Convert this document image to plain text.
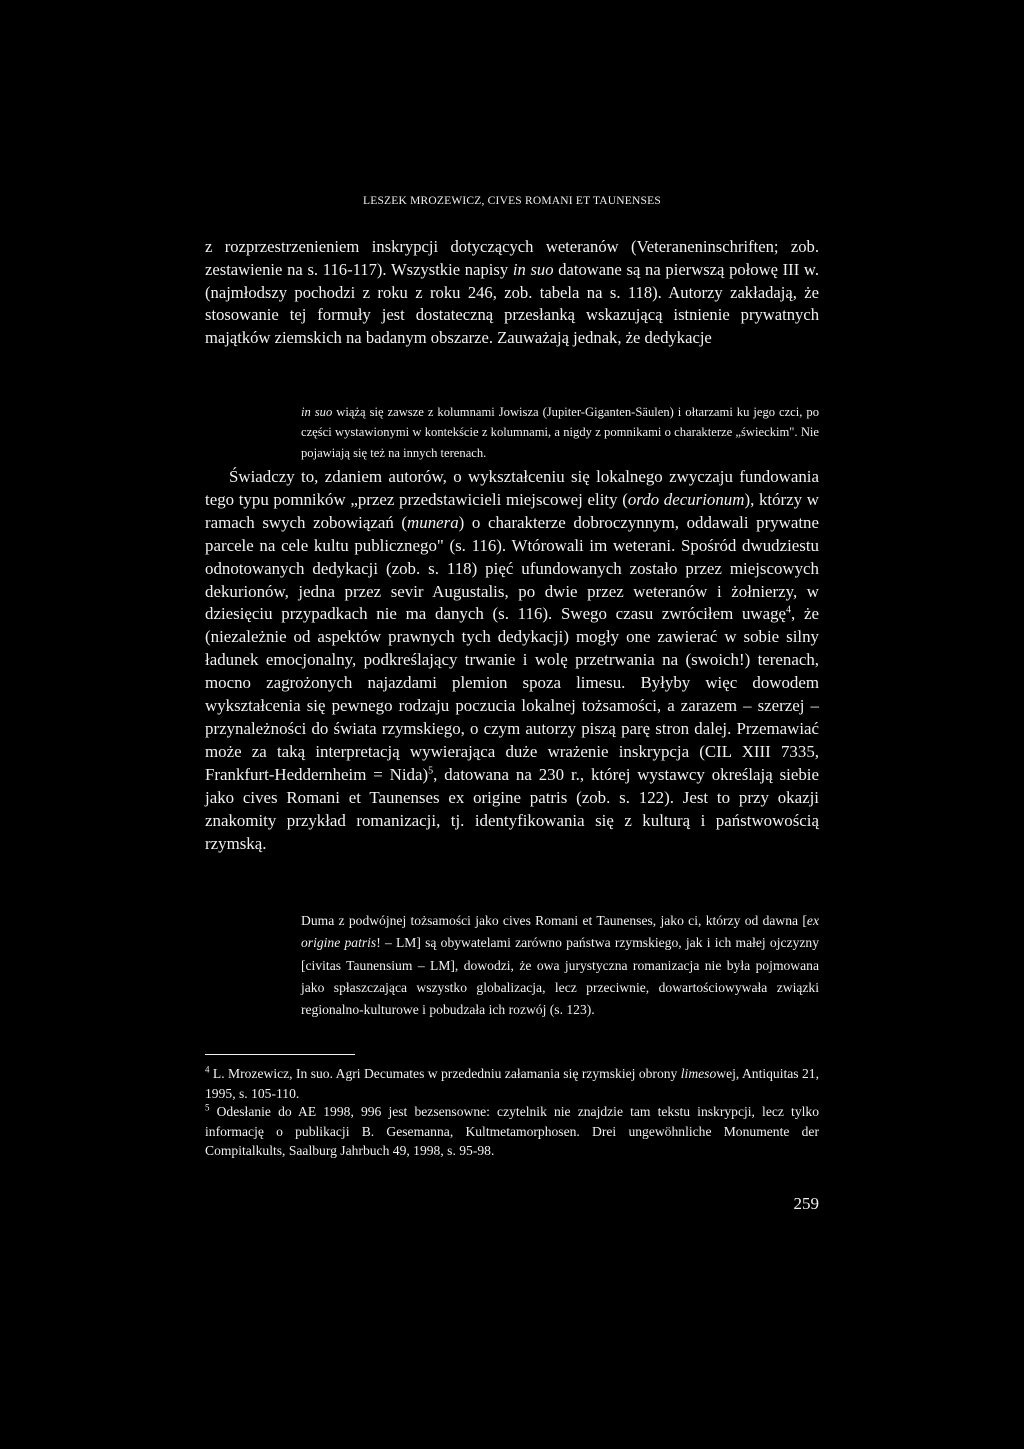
LESZEK MROZEWICZ, CIVES ROMANI ET TAUNENSES

z rozprzestrzenieniem inskrypcji dotyczących weteranów (Veteraneninschriften; zob. zestawienie na s. 116-117). Wszystkie napisy in suo datowane są na pierwszą połowę III w. (najmłodszy pochodzi z roku z roku 246, zob. tabela na s. 118). Autorzy zakładają, że stosowanie tej formuły jest dostateczną przesłanką wskazującą istnienie prywatnych majątków ziemskich na badanym obszarze. Zauważają jednak, że dedykacje

in suo wiążą się zawsze z kolumnami Jowisza (Jupiter-Giganten-Säulen) i ołtarzami ku jego czci, po części wystawionymi w kontekście z kolumnami, a nigdy z pomnikami o charakterze „świeckim". Nie pojawiają się też na innych terenach.

Świadczy to, zdaniem autorów, o wykształceniu się lokalnego zwyczaju fundowania tego typu pomników „przez przedstawicieli miejscowej elity (ordo decurionum), którzy w ramach swych zobowiązań (munera) o charakterze dobroczynnym, oddawali prywatne parcele na cele kultu publicznego" (s. 116). Wtórowali im weterani. Spośród dwudziestu odnotowanych dedykacji (zob. s. 118) pięć ufundowanych zostało przez miejscowych dekurionów, jedna przez sevir Augustalis, po dwie przez weteranów i żołnierzy, w dziesięciu przypadkach nie ma danych (s. 116). Swego czasu zwróciłem uwagę$^4$, że (niezależnie od aspektów prawnych tych dedykacji) mogły one zawierać w sobie silny ładunek emocjonalny, podkreślający trwanie i wolę przetrwania na (swoich!) terenach, mocno zagrożonych najazdami plemion spoza limesu. Byłyby więc dowodem wykształcenia się pewnego rodzaju poczucia lokalnej tożsamości, a zarazem – szerzej – przynależności do świata rzymskiego, o czym autorzy piszą parę stron dalej. Przemawiać może za taką interpretacją wywierająca duże wrażenie inskrypcja (CIL XIII 7335, Frankfurt-Heddernheim = Nida)$^5$, datowana na 230 r., której wystawcy określają siebie jako cives Romani et Taunenses ex origine patris (zob. s. 122). Jest to przy okazji znakomity przykład romanizacji, tj. identyfikowania się z kulturą i państwowością rzymską.

Duma z podwójnej tożsamości jako cives Romani et Taunenses, jako ci, którzy od dawna [ex origine patris! – LM] są obywatelami zarówno państwa rzymskiego, jak i ich małej ojczyzny [civitas Taunensium – LM], dowodzi, że owa jurystyczna romanizacja nie była pojmowana jako spłaszczająca wszystko globalizacja, lecz przeciwnie, dowartościowywała związki regionalno-kulturowe i pobudzała ich rozwój (s. 123).

$^4$ L. Mrozewicz, In suo. Agri Decumates w przededniu załamania się rzymskiej obrony limesowej, Antiquitas 21, 1995, s. 105-110.

$^5$ Odesłanie do AE 1998, 996 jest bezsensowne: czytelnik nie znajdzie tam tekstu inskrypcji, lecz tylko informację o publikacji B. Gesemanna, Kultmetamorphosen. Drei ungewöhnliche Monumente der Compitalkults, Saalburg Jahrbuch 49, 1998, s. 95-98.

259
